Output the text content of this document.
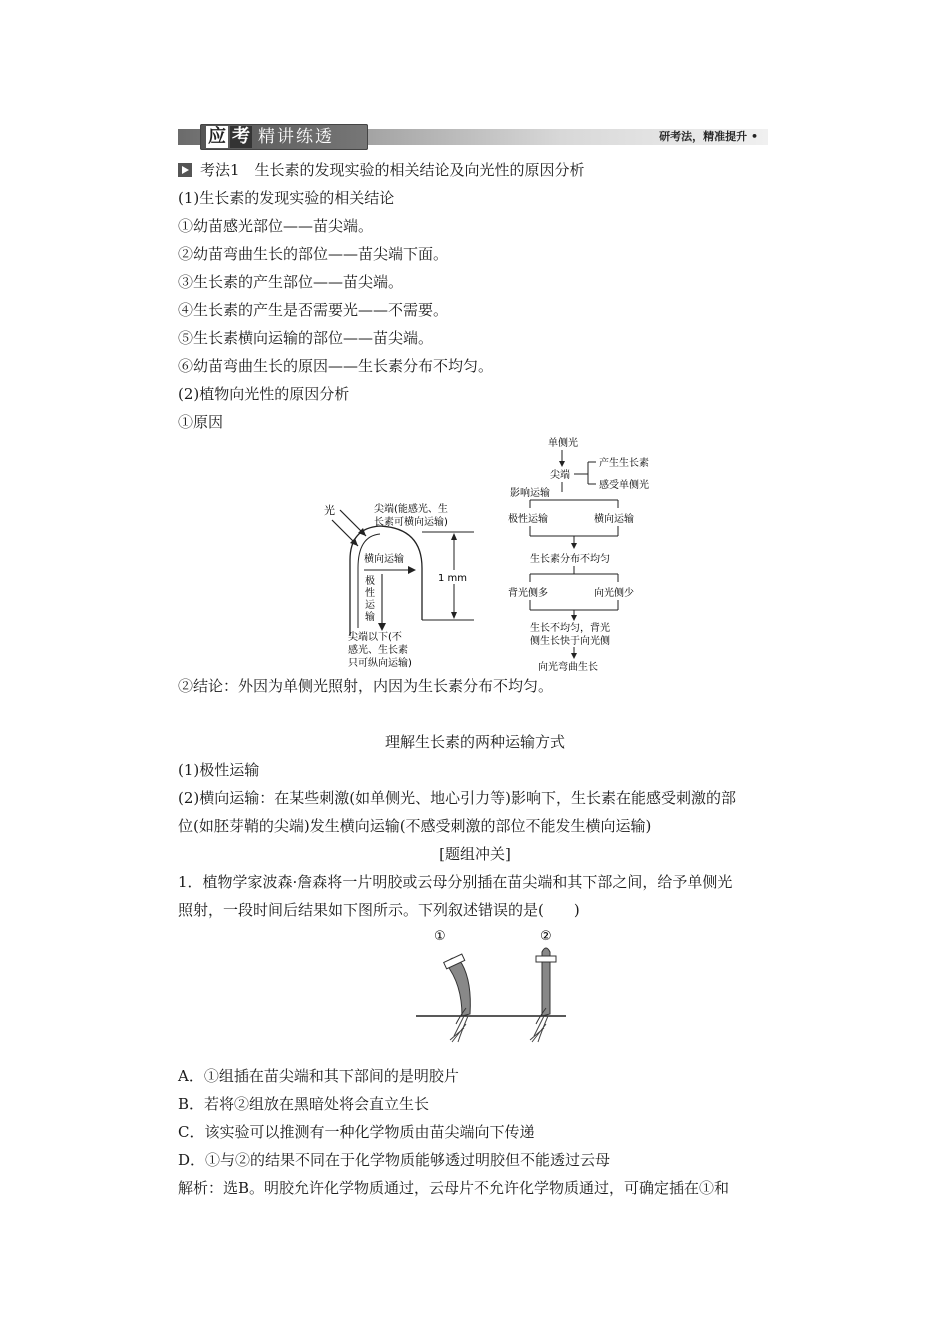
应 考 精讲练透	研考法，精准提升 •
考法1　生长素的发现实验的相关结论及向光性的原因分析
(1)生长素的发现实验的相关结论
①幼苗感光部位——苗尖端。
②幼苗弯曲生长的部位——苗尖端下面。
③生长素的产生部位——苗尖端。
④生长素的产生是否需要光——不需要。
⑤生长素横向运输的部位——苗尖端。
⑥幼苗弯曲生长的原因——生长素分布不均匀。
(2)植物向光性的原因分析
①原因
光	尖端(能感光、生
长素可横向运输)
横向运输
极
性
运
输
1 mm
尖端以下(不
感光、生长素
只可纵向运输)
单侧光
尖端
产生生长素
感受单侧光
影响运输
极性运输	横向运输
生长素分布不均匀
背光侧多	向光侧少
生长不均匀，背光
侧生长快于向光侧
向光弯曲生长
②结论：外因为单侧光照射，内因为生长素分布不均匀。
理解生长素的两种运输方式
(1)极性运输
(2)横向运输：在某些刺激(如单侧光、地心引力等)影响下，生长素在能感受刺激的部
位(如胚芽鞘的尖端)发生横向运输(不感受刺激的部位不能发生横向运输)
[题组冲关]
1．植物学家波森·詹森将一片明胶或云母分别插在苗尖端和其下部之间，给予单侧光
照射，一段时间后结果如下图所示。下列叙述错误的是(　　)
①	②
A．①组插在苗尖端和其下部间的是明胶片
B．若将②组放在黑暗处将会直立生长
C．该实验可以推测有一种化学物质由苗尖端向下传递
D．①与②的结果不同在于化学物质能够透过明胶但不能透过云母
解析：选B。明胶允许化学物质通过，云母片不允许化学物质通过，可确定插在①和
